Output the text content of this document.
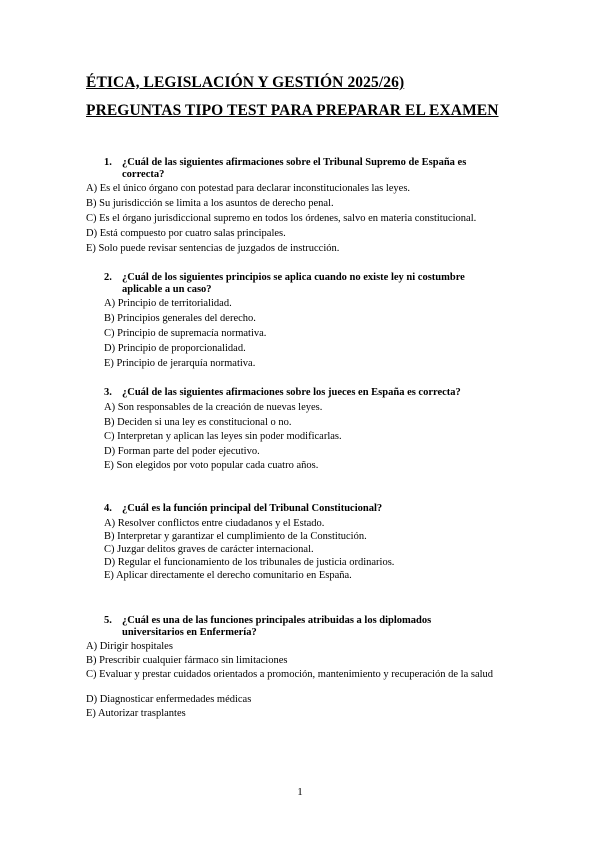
ÉTICA, LEGISLACIÓN Y GESTIÓN 2025/26)
PREGUNTAS TIPO TEST PARA PREPARAR EL EXAMEN
1. ¿Cuál de las siguientes afirmaciones sobre el Tribunal Supremo de España es correcta?
A) Es el único órgano con potestad para declarar inconstitucionales las leyes.
B) Su jurisdicción se limita a los asuntos de derecho penal.
C) Es el órgano jurisdiccional supremo en todos los órdenes, salvo en materia constitucional.
D) Está compuesto por cuatro salas principales.
E) Solo puede revisar sentencias de juzgados de instrucción.
2. ¿Cuál de los siguientes principios se aplica cuando no existe ley ni costumbre aplicable a un caso?
A) Principio de territorialidad.
B) Principios generales del derecho.
C) Principio de supremacía normativa.
D) Principio de proporcionalidad.
E) Principio de jerarquía normativa.
3. ¿Cuál de las siguientes afirmaciones sobre los jueces en España es correcta?
A) Son responsables de la creación de nuevas leyes.
B) Deciden si una ley es constitucional o no.
C) Interpretan y aplican las leyes sin poder modificarlas.
D) Forman parte del poder ejecutivo.
E) Son elegidos por voto popular cada cuatro años.
4. ¿Cuál es la función principal del Tribunal Constitucional?
A) Resolver conflictos entre ciudadanos y el Estado.
B) Interpretar y garantizar el cumplimiento de la Constitución.
C) Juzgar delitos graves de carácter internacional.
D) Regular el funcionamiento de los tribunales de justicia ordinarios.
E) Aplicar directamente el derecho comunitario en España.
5. ¿Cuál es una de las funciones principales atribuidas a los diplomados universitarios en Enfermería?
A) Dirigir hospitales
B) Prescribir cualquier fármaco sin limitaciones
C) Evaluar y prestar cuidados orientados a promoción, mantenimiento y recuperación de la salud
D) Diagnosticar enfermedades médicas
E) Autorizar trasplantes
1
